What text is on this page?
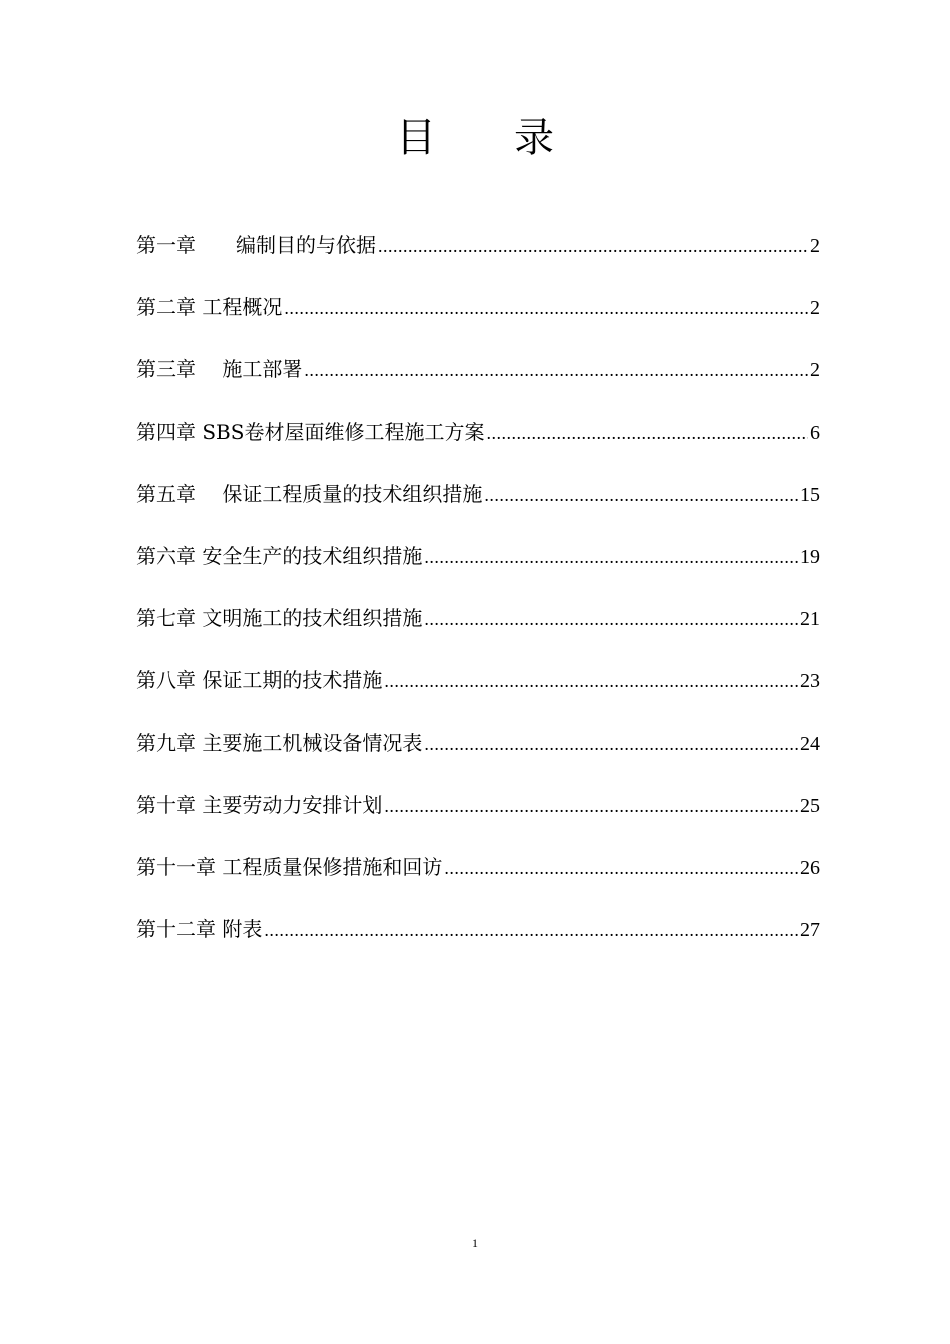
目 录
第一章　　编制目的与依据 .....	2
第二章 工程概况 .....	2
第三章　 施工部署 .....	2
第四章 SBS卷材屋面维修工程施工方案 .....	6
第五章　 保证工程质量的技术组织措施 .....	15
第六章 安全生产的技术组织措施 .....	19
第七章 文明施工的技术组织措施 .....	21
第八章 保证工期的技术措施 .....	23
第九章 主要施工机械设备情况表 .....	24
第十章 主要劳动力安排计划 .....	25
第十一章 工程质量保修措施和回访 .....	26
第十二章 附表 .....	27
1
